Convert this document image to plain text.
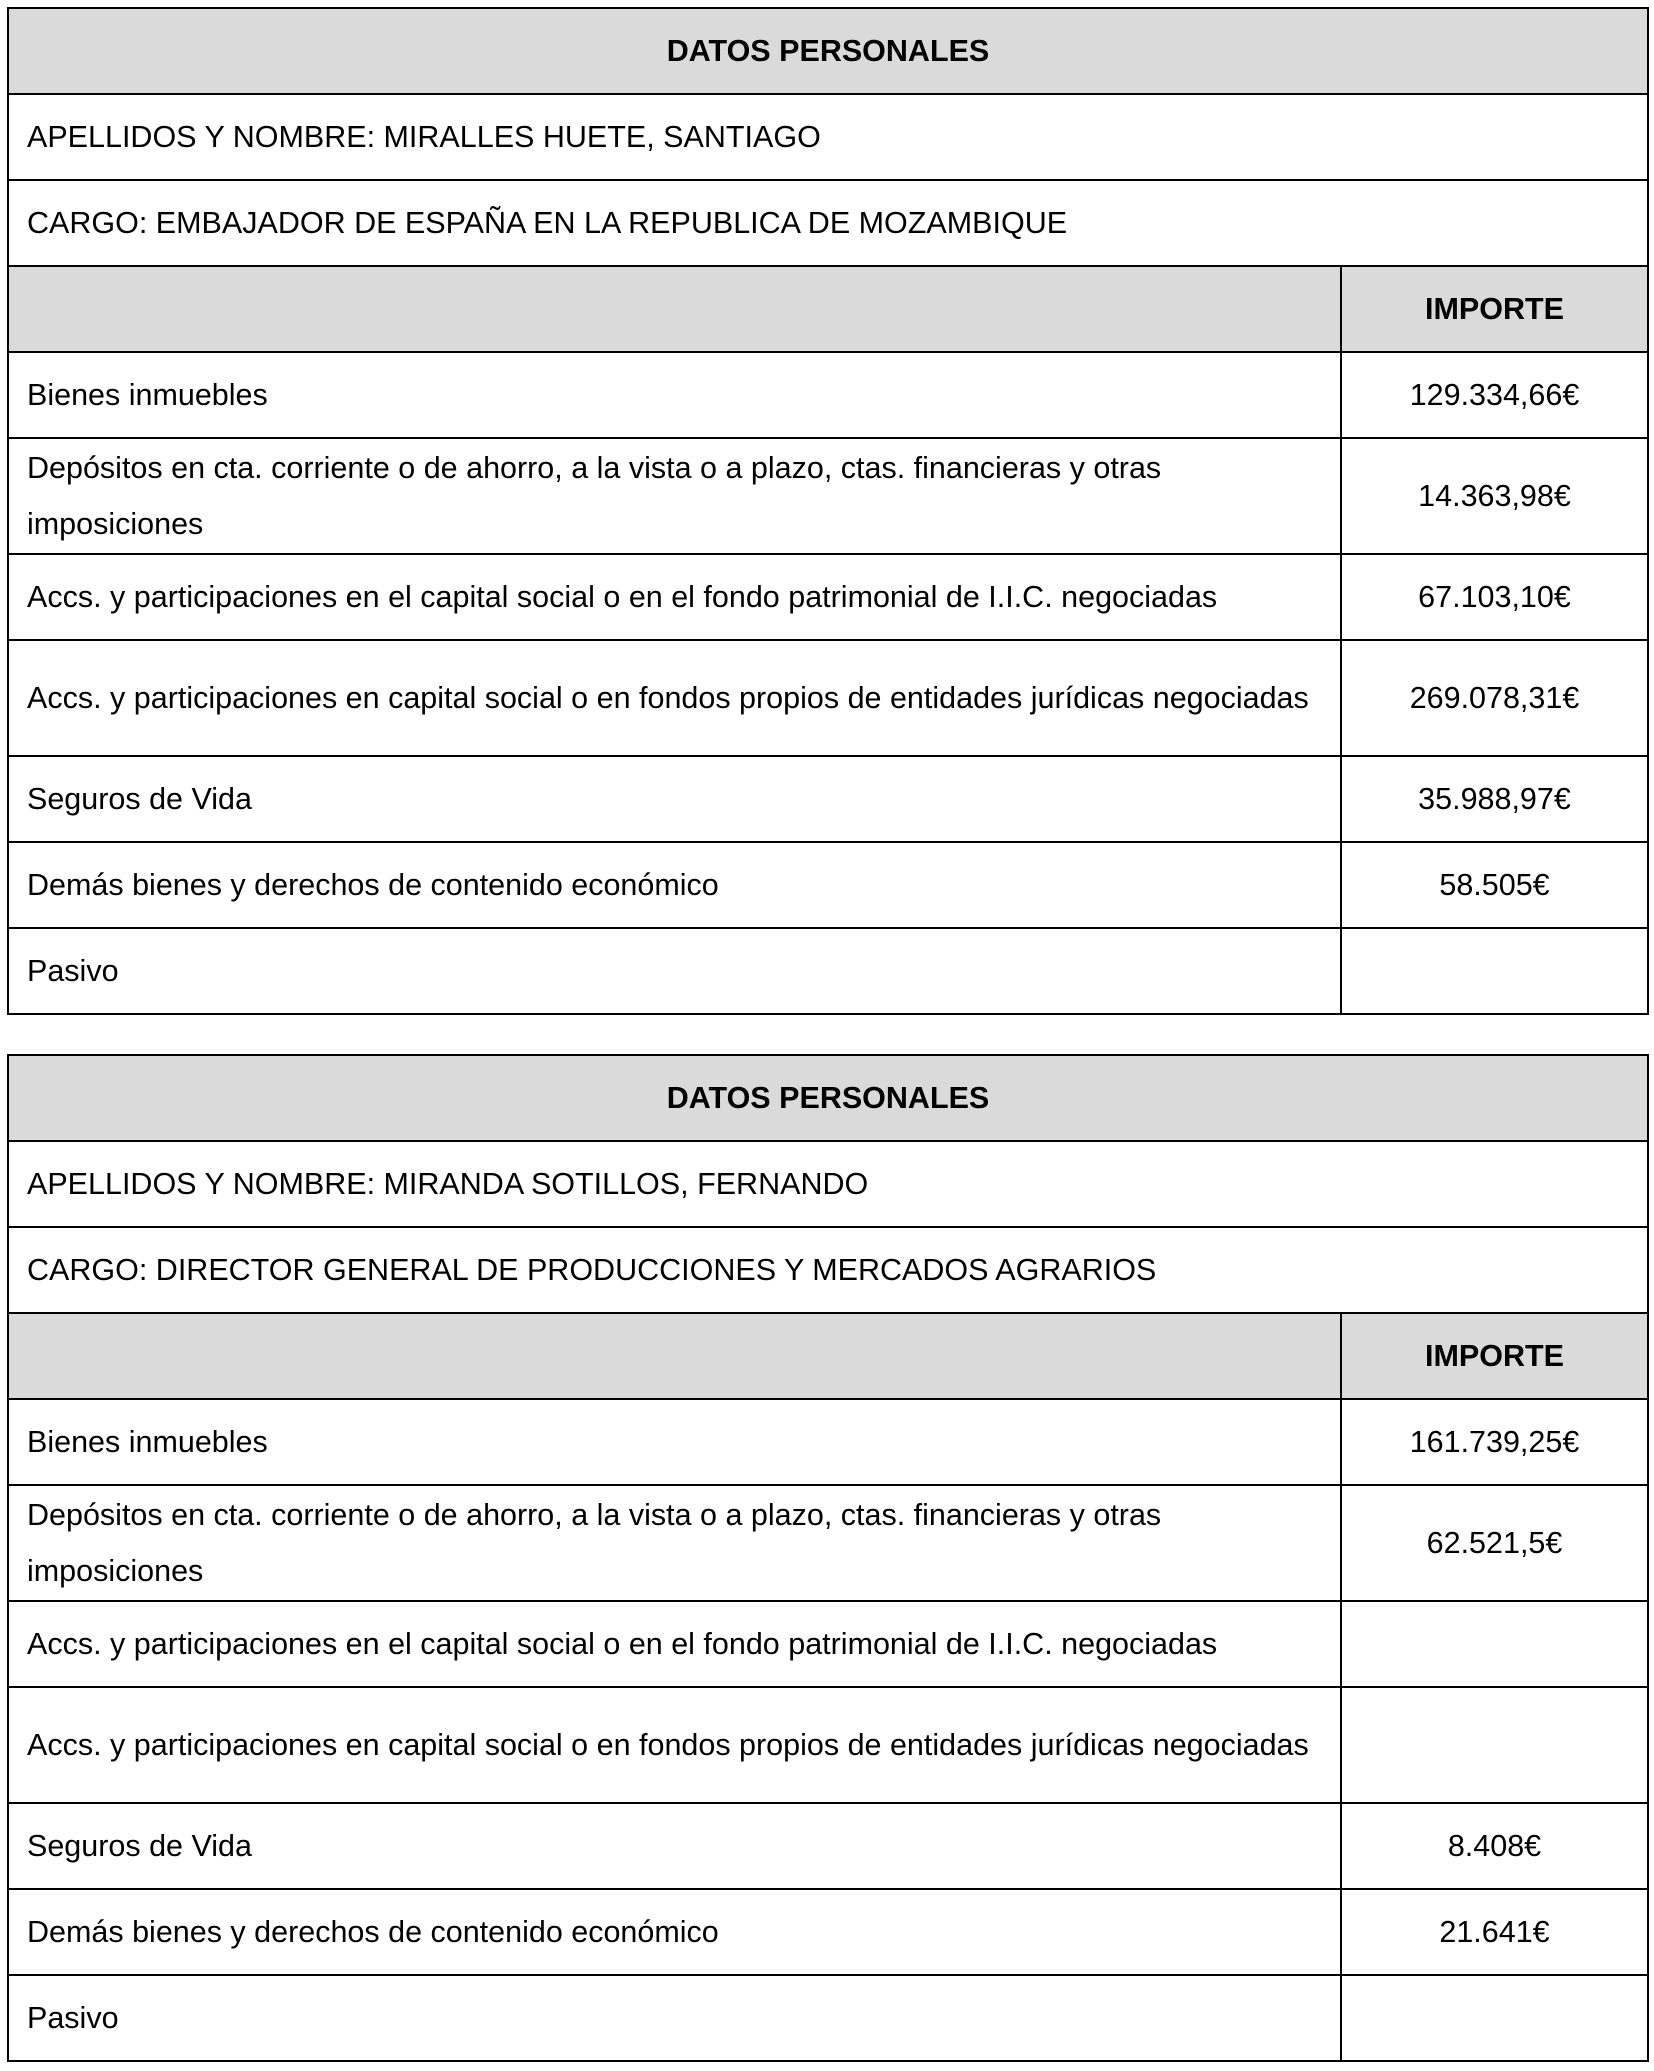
DATOS PERSONALES	
APELLIDOS Y NOMBRE: MIRALLES HUETE, SANTIAGO	
CARGO: EMBAJADOR DE ESPAÑA EN LA REPUBLICA DE MOZAMBIQUE	
	IMPORTE
Bienes inmuebles	129.334,66€
Depósitos en cta. corriente o de ahorro, a la vista o a plazo, ctas. financieras y otras imposiciones	14.363,98€
Accs. y participaciones en el capital social o en el fondo patrimonial de I.I.C. negociadas	67.103,10€
Accs. y participaciones en capital social o en fondos propios de entidades jurídicas negociadas	269.078,31€
Seguros de Vida	35.988,97€
Demás bienes y derechos de contenido económico	58.505€
Pasivo	
DATOS PERSONALES	
APELLIDOS Y NOMBRE: MIRANDA SOTILLOS, FERNANDO	
CARGO: DIRECTOR GENERAL DE PRODUCCIONES Y MERCADOS AGRARIOS	
	IMPORTE
Bienes inmuebles	161.739,25€
Depósitos en cta. corriente o de ahorro, a la vista o a plazo, ctas. financieras y otras imposiciones	62.521,5€
Accs. y participaciones en el capital social o en el fondo patrimonial de I.I.C. negociadas	
Accs. y participaciones en capital social o en fondos propios de entidades jurídicas negociadas	
Seguros de Vida	8.408€
Demás bienes y derechos de contenido económico	21.641€
Pasivo	
